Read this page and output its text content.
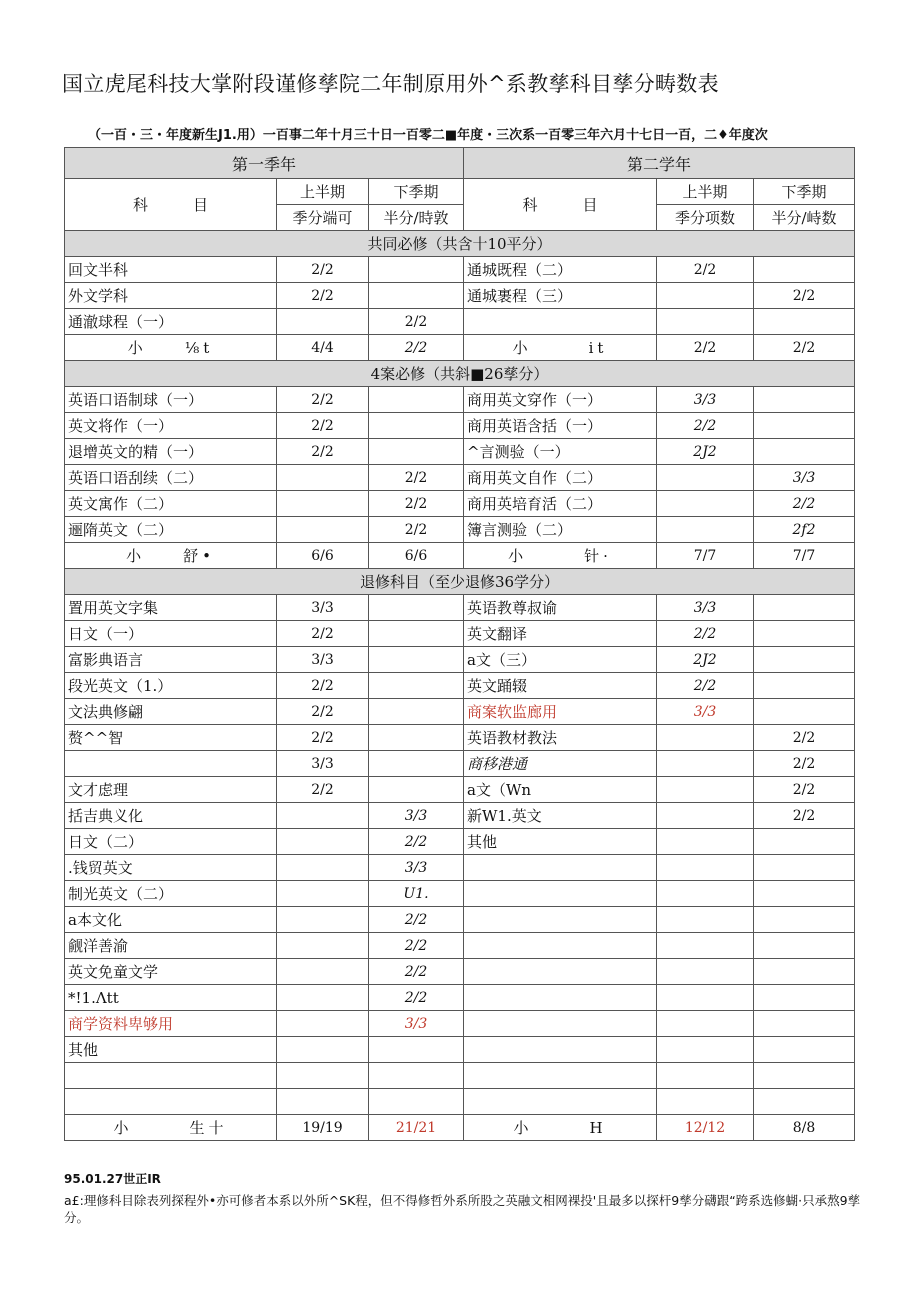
国立虎尾科技大掌附段谨修孳院二年制原用外^系教孳科目孳分畴数表
（一百・三・年度新生J1.用）一百事二年十月三十日一百零二■年度・三次系一百零三年六月十七日一百，二♦年度次
第一季年			第二学年		
科　　　目	上半期	下季期	科　　　目	上半期	下季期
	季分端可	半分/時敦		季分项数	半分/峙数
共同必修（共含十10平分）					
回文半科	2/2		通城既程（二）	2/2	
外文学科	2/2		通城裹程（三）		2/2
通澈球程（一）		2/2			
小　　⅛t	4/4	2/2	小　　　it	2/2	2/2
4案必修（共斜■26孳分）					
英语口语制球（一）	2/2		商用英文穿作（一）	3/3	
英文将作（一）	2/2		商用英语含括（一）	2/2	
退增英文的精（一）	2/2		^言测验（一）	2J2	
英语口语刮续（二）		2/2	商用英文自作（二）		3/3
英文寓作（二）		2/2	商用英培育活（二）		2/2
逦隋英文（二）		2/2	簿言测验（二）		2f2
小　　舒•	6/6	6/6	小　　　针·	7/7	7/7
退修科目（至少退修36学分）					
置用英文字集	3/3		英语教尊叔谕	3/3	
日文（一）	2/2		英文翻译	2/2	
富影典语言	3/3		a文（三）	2J2	
段光英文（1.）	2/2		英文踊辍	2/2	
文法典修翩	2/2		商案软监廊用	3/3	
赘^^智	2/2		英语教材教法		2/2
	3/3		商移港通		2/2
文才虑理	2/2		a文（Wn		2/2
括吉典义化		3/3	新W1.英文		2/2
日文（二）		2/2	其他		
.钱贸英文		3/3			
制光英文（二）		U1.			
a本文化		2/2			
觎洋善渝		2/2			
英文免童文学		2/2			
*!1.Λtt		2/2			
商学资料卑够用		3/3			
其他					

小　　　生十	19/19	21/21	小　　　H	12/12	8/8
95.01.27世正IR
a£:理修科目除表列探程外•亦可修者本系以外所^SK程，但不得修哲外系所股之英融文相网裸投'且最多以探杆9孳分礴跟“跨系选修蝴·只承熬9孳分。
